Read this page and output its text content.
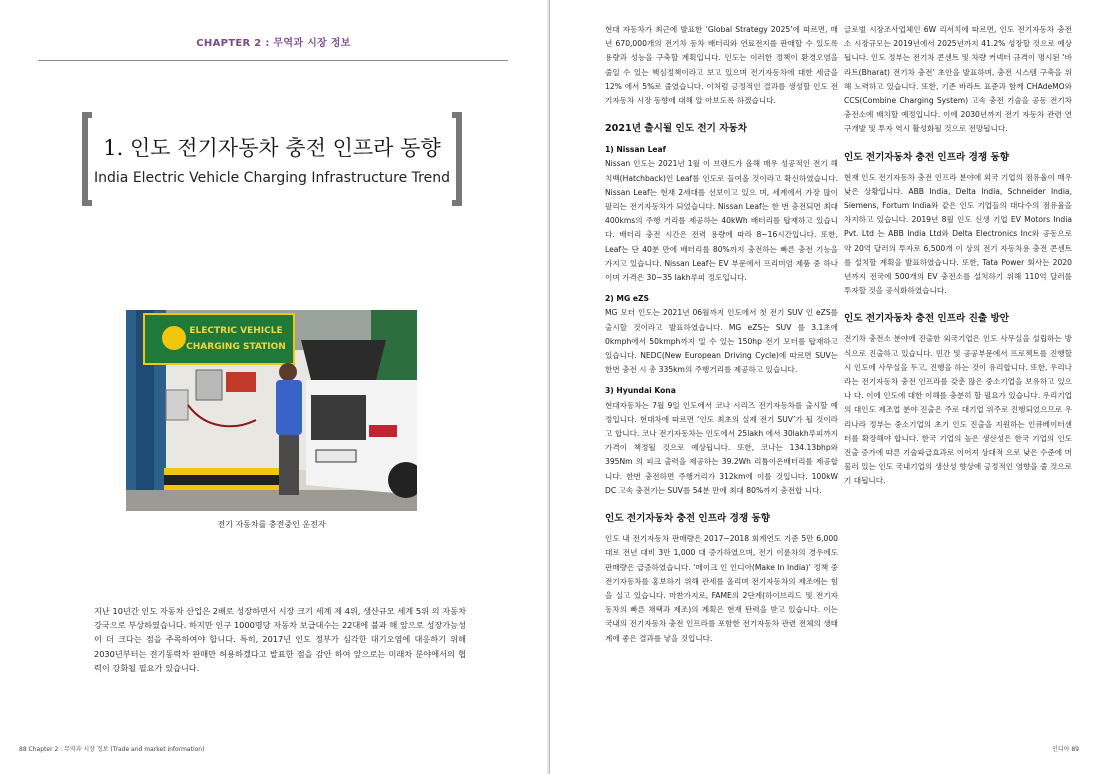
CHAPTER 2 : 무역과 시장 정보
1. 인도 전기자동차 충전 인프라 동향
India Electric Vehicle Charging Infrastructure Trend
ELECTRIC VEHICLE
CHARGING STATION
전기 자동차를 충전중인 운전자
지난 10년간 인도 자동차 산업은 2배로 성장하면서 시장 크기 세계 제 4위, 생산규모 세계 5위 의 자동차 강국으로 부상하였습니다. 하지만 인구 1000명당 자동차 보급대수는 22대에 불과 해 앞으로 성장가능성이 더 크다는 점을 주목하여야 합니다. 특히, 2017년 인도 정부가 심각한 대기오염에 대응하기 위해 2030년부터는 전기동력차 판매만 허용하겠다고 발표한 점을 감안 하여 앞으로는 미래차 분야에서의 협력이 강화될 필요가 있습니다.
88 Chapter 2 : 무역과 시장 정보 (Trade and market information)

현대 자동차가 최근에 발표한 ‘Global Strategy 2025’에 따르면, 매년 670,000개의 전기차 동차 배터리와 연료전지를 판매할 수 있도록 용량과 성능을 구축할 계획입니다. 인도는 이러한 정책이 환경오염을 줄일 수 있는 핵심정책이라고 보고 있으며 전기자동차에 대한 세금을 12% 에서 5%로 줄였습니다. 이처럼 긍정적인 결과를 생성할 인도 전기자동차 시장 동향에 대해 알 아보도록 하겠습니다.

2021년 출시될 인도 전기 자동차
1) Nissan Leaf

Nissan 인도는 2021년 1월 이 브랜드가 올해 매우 성공적인 전기 해치백(Hatchback)인 Leaf를 인도로 들여올 것이라고 확신하였습니다. Nissan Leaf는 현재 2세대를 선보이고 있으 며, 세계에서 가장 많이 팔리는 전기자동차가 되었습니다. Nissan Leaf는 한 번 충전되면 최대 400kms의 주행 거리를 제공하는 40kWh 배터리를 탑재하고 있습니다. 배터리 충전 시간은 전력 용량에 따라 8~16시간입니다. 또한, Leaf는 단 40분 만에 배터리를 80%까지 충전하는 빠른 충전 기능을 가지고 있습니다. Nissan Leaf는 EV 부문에서 프리미엄 제품 중 하나이며 가격은 30~35 lakh루피 정도입니다.

2) MG eZS

MG 모터 인도는 2021년 06월까지 인도에서 첫 전기 SUV 인 eZS를 출시할 것이라고 발표하였습니다. MG eZS는 SUV 를 3.1초에 0kmph에서 50kmph까지 밀 수 있는 150hp 전기 모터를 탑재하고 있습니다. NEDC(New European Driving Cycle)에 따르면 SUV는 한번 충전 시 총 335km의 주행거리를 제공하고 있습니다.

3) Hyundai Kona

현대자동차는 7월 9일 인도에서 코나 시리즈 전기자동차를 출시할 예정입니다. 현대차에 따르면 ‘인도 최초의 실제 전기 SUV’가 될 것이라고 합니다. 코나 전기자동차는 인도에서 25lakh 에서 30lakh루피까지 가격이 책정될 것으로 예상됩니다. 또한, 코나는 134.13bhp와 395Nm 의 피크 출력을 제공하는 39.2Wh 리튬이온배터리를 제공합니다. 한번 충전하면 주행거리가 312km에 이를 것입니다. 100kW DC 고속 충전기는 SUV를 54분 만에 최대 80%까지 충전합 니다.

인도 전기자동차 충전 인프라 경쟁 동향

인도 내 전기자동차 판매량은 2017~2018 회계연도 기준 5만 6,000대로 전년 대비 3만 1,000 대 증가하였으며, 전기 이륜차의 경우에도 판매량은 급증하였습니다. ‘메이크 인 인디아(Make In India)’ 정책 중 전기자동차를 홍보하기 위해 관세를 올리며 전기자동차의 제조에는 힘을 실고 있습니다. 마찬가지로, FAME의 2단계(하이브리드 및 전기자동차의 빠른 채택과 제조)의 계획은 현재 탄력을 받고 있습니다. 이는 국내의 전기자동차 충전 인프라를 포함한 전기자동차 관련 전체의 생태계에 좋은 결과를 낳을 것입니다.

글로벌 시장조사업체인 6W 리서치에 따르면, 인도 전기자동차 충전소 시장규모는 2019년에서 2025년까지 41.2% 성장할 것으로 예상됩니다. 인도 정부는 전기차 콘센트 및 차량 커넥터 규격이 명시된 ‘바라트(Bharat) 전기차 충전’ 초안을 발표하며, 충전 시스템 구축을 위해 노력하고 있습니다. 또한, 기존 바라트 표준과 함께 CHAdeMO와 CCS(Combine Charging System) 고속 충전 기술을 공동 전기차 충전소에 배치할 예정입니다. 이에 2030년까지 전기 자동차 관련 연구개발 및 투자 역시 활성화될 것으로 전망됩니다.

인도 전기자동차 충전 인프라 경쟁 동향

현재 인도 전기자동차 충전 인프라 분야에 외국 기업의 점유율이 매우 낮은 상황입니다. ABB India, Delta India, Schneider India, Siemens, Fortum India와 같은 인도 기업들의 대다수의 점유율을 차지하고 있습니다. 2019년 8월 인도 신생 기업 EV Motors India Pvt. Ltd 는 ABB India Ltd와 Delta Electronics Inc와 공동으로 약 20억 달러의 투자로 6,500개 이 상의 전기 자동차용 충전 콘센트를 설치할 계획을 발표하였습니다. 또한, Tata Power 회사는 2020년까지 전국에 500개의 EV 충전소를 설치하기 위해 110억 달러를 투자할 것을 공식화하였습니다.

인도 전기자동차 충전 인프라 진출 방안

전기차 충전소 분야에 진출한 외국기업은 인도 사무실을 설립하는 방식으로 진출하고 있습니다. 민간 및 공공부문에서 프로젝트를 진행할 시 인도에 사무실을 두고, 진행을 하는 것이 유리합니다. 또한, 우리나라는 전기자동차 충전 인프라를 갖춘 많은 중소기업을 보유하고 있으나 다. 이에 인도에 대한 이해를 충분히 할 필요가 있습니다. 우리기업의 대인도 제조업 분야 진출은 주로 대기업 위주로 진행되었으므로 우리나라 정부는 중소기업의 초기 인도 진출을 지원하는 인큐베이터센터를 확장해야 합니다. 한국 기업의 높은 생산성은 한국 기업의 인도 진출 증가에 따른 기술파급효과로 이어져 상대적 으로 낮은 수준에 머물러 있는 인도 국내기업의 생산성 향상에 긍정적인 영향을 줄 것으로 기 대됩니다.

인디아 89
